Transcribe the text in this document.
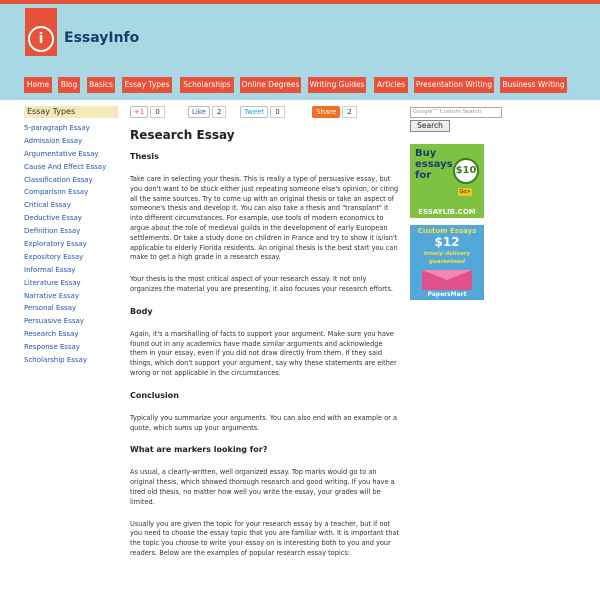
i	EssayInfo
Home	Blog	Basics	Essay Types	Scholarships	Online Degrees Writing Guides	Articles	Presentation Writing	Business Writing
Essay Types
5-paragraph Essay
Admission Essay
Argumentative Essay
Cause And Effect Essay
Classification Essay
Comparison Essay
Critical Essay
Deductive Essay
Definition Essay
Exploratory Essay
Expository Essay
Informal Essay
Literature Essay
Narrative Essay
Personal Essay
Persuasive Essay
Research Essay
Response Essay
Scholarship Essay
+1 0	Like 2	Tweet 0	Share 2
Research Essay
Thesis

Take care in selecting your thesis. This is really a type of persuasive essay, but you don't want to be stuck either just repeating someone else's opinion, or citing all the same sources. Try to come up with an original thesis or take an aspect of someone's thesis and develop it. You can also take a thesis and "transplant" it into different circumstances. For example, use tools of modern economics to argue about the role of medieval guilds in the development of early European settlements. Or take a study done on children in France and try to show it is/isn't applicable to elderly Florida residents. An original thesis is the best start you can make to get a high grade in a research essay.

Your thesis is the most critical aspect of your research essay. It not only organizes the material you are presenting, it also focuses your research efforts.

Body

Again, it's a marshalling of facts to support your argument. Make sure you have found out in any academics have made similar arguments and acknowledge them in your essay, even if you did not draw directly from them. If they said things, which don't support your argument, say why these statements are either wrong or not applicable in the circumstances.

Conclusion

Typically you summarize your arguments. You can also end with an example or a quote, which sums up your arguments.

What are markers looking for?

As usual, a clearly-written, well organized essay. Top marks would go to an original thesis, which showed thorough research and good writing. If you have a tired old thesis, no matter how well you write the essay, your grades will be limited.

Usually you are given the topic for your research essay by a teacher, but if not you need to choose the essay topic that you are familiar with. It is important that the topic you choose to write your essay on is interesting both to you and your readers. Below are the examples of popular research essay topics:

Google™ Custom Search
Search
Buy
essays
for	$10
Go>
ESSAYLIB.COM
Custom Essays
$12
timely delivery
guaranteed
PapersMart
